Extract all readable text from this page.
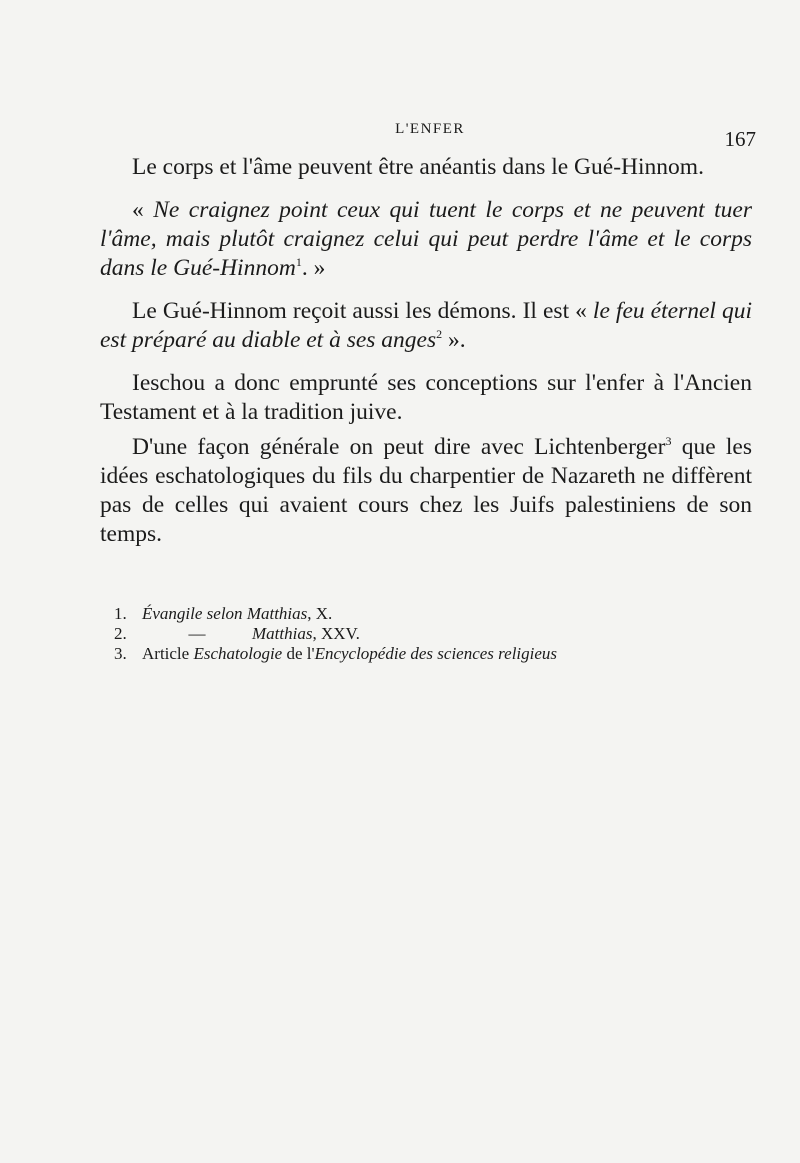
L'ENFER	167

Le corps et l'âme peuvent être anéantis dans le Gué-Hinnom.

« Ne craignez point ceux qui tuent le corps et ne peuvent tuer l'âme, mais plutôt craignez celui qui peut perdre l'âme et le corps dans le Gué-Hinnom$^1$. »

Le Gué-Hinnom reçoit aussi les démons. Il est « le feu éternel qui est préparé au diable et à ses anges$^2$ ».

Ieschou a donc emprunté ses conceptions sur l'enfer à l'Ancien Testament et à la tradition juive.

D'une façon générale on peut dire avec Lichtenberger$^3$ que les idées eschatologiques du fils du charpentier de Nazareth ne diffèrent pas de celles qui avaient cours chez les Juifs palestiniens de son temps.

1. Évangile selon Matthias, X.
2.	—	Matthias, XXV.
3. Article Eschatologie de l'Encyclopédie des sciences religieus
